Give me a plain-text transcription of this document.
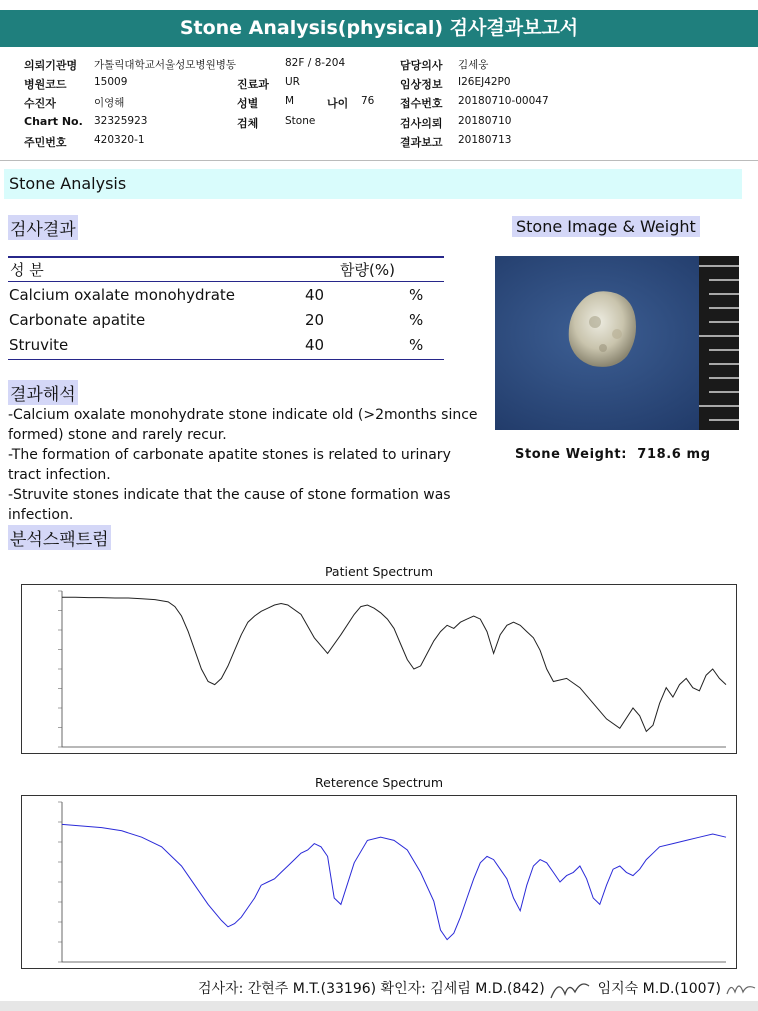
Stone Analysis(physical) 검사결과보고서
의뢰기관명 가톨릭대학교서울성모병원병동	82F / 8-204
병원코드	15009	진료과 UR
수진자	이영해	성별	M	나이 76
Chart No. 32325923	검체	Stone
주민번호	420320-1
담당의사 김세웅
임상정보 I26EJ42P0
접수번호 20180710-00047
검사의뢰 20180710
결과보고 20180713
Stone Analysis
검사결과
성 분	함량(%)
Calcium oxalate monohydrate	40	%
Carbonate apatite	20	%
Struvite	40	%
Stone Image & Weight
Stone Weight: 718.6 mg
결과해석
-Calcium oxalate monohydrate stone indicate old (>2months since formed) stone and rarely recur.
-The formation of carbonate apatite stones is related to urinary tract infection.
-Struvite stones indicate that the cause of stone formation was infection.
분석스팩트럼
Patient Spectrum
Reterence Spectrum
검사자: 간현주 M.T.(33196) 확인자: 김세림 M.D.(842)	임지숙 M.D.(1007)
